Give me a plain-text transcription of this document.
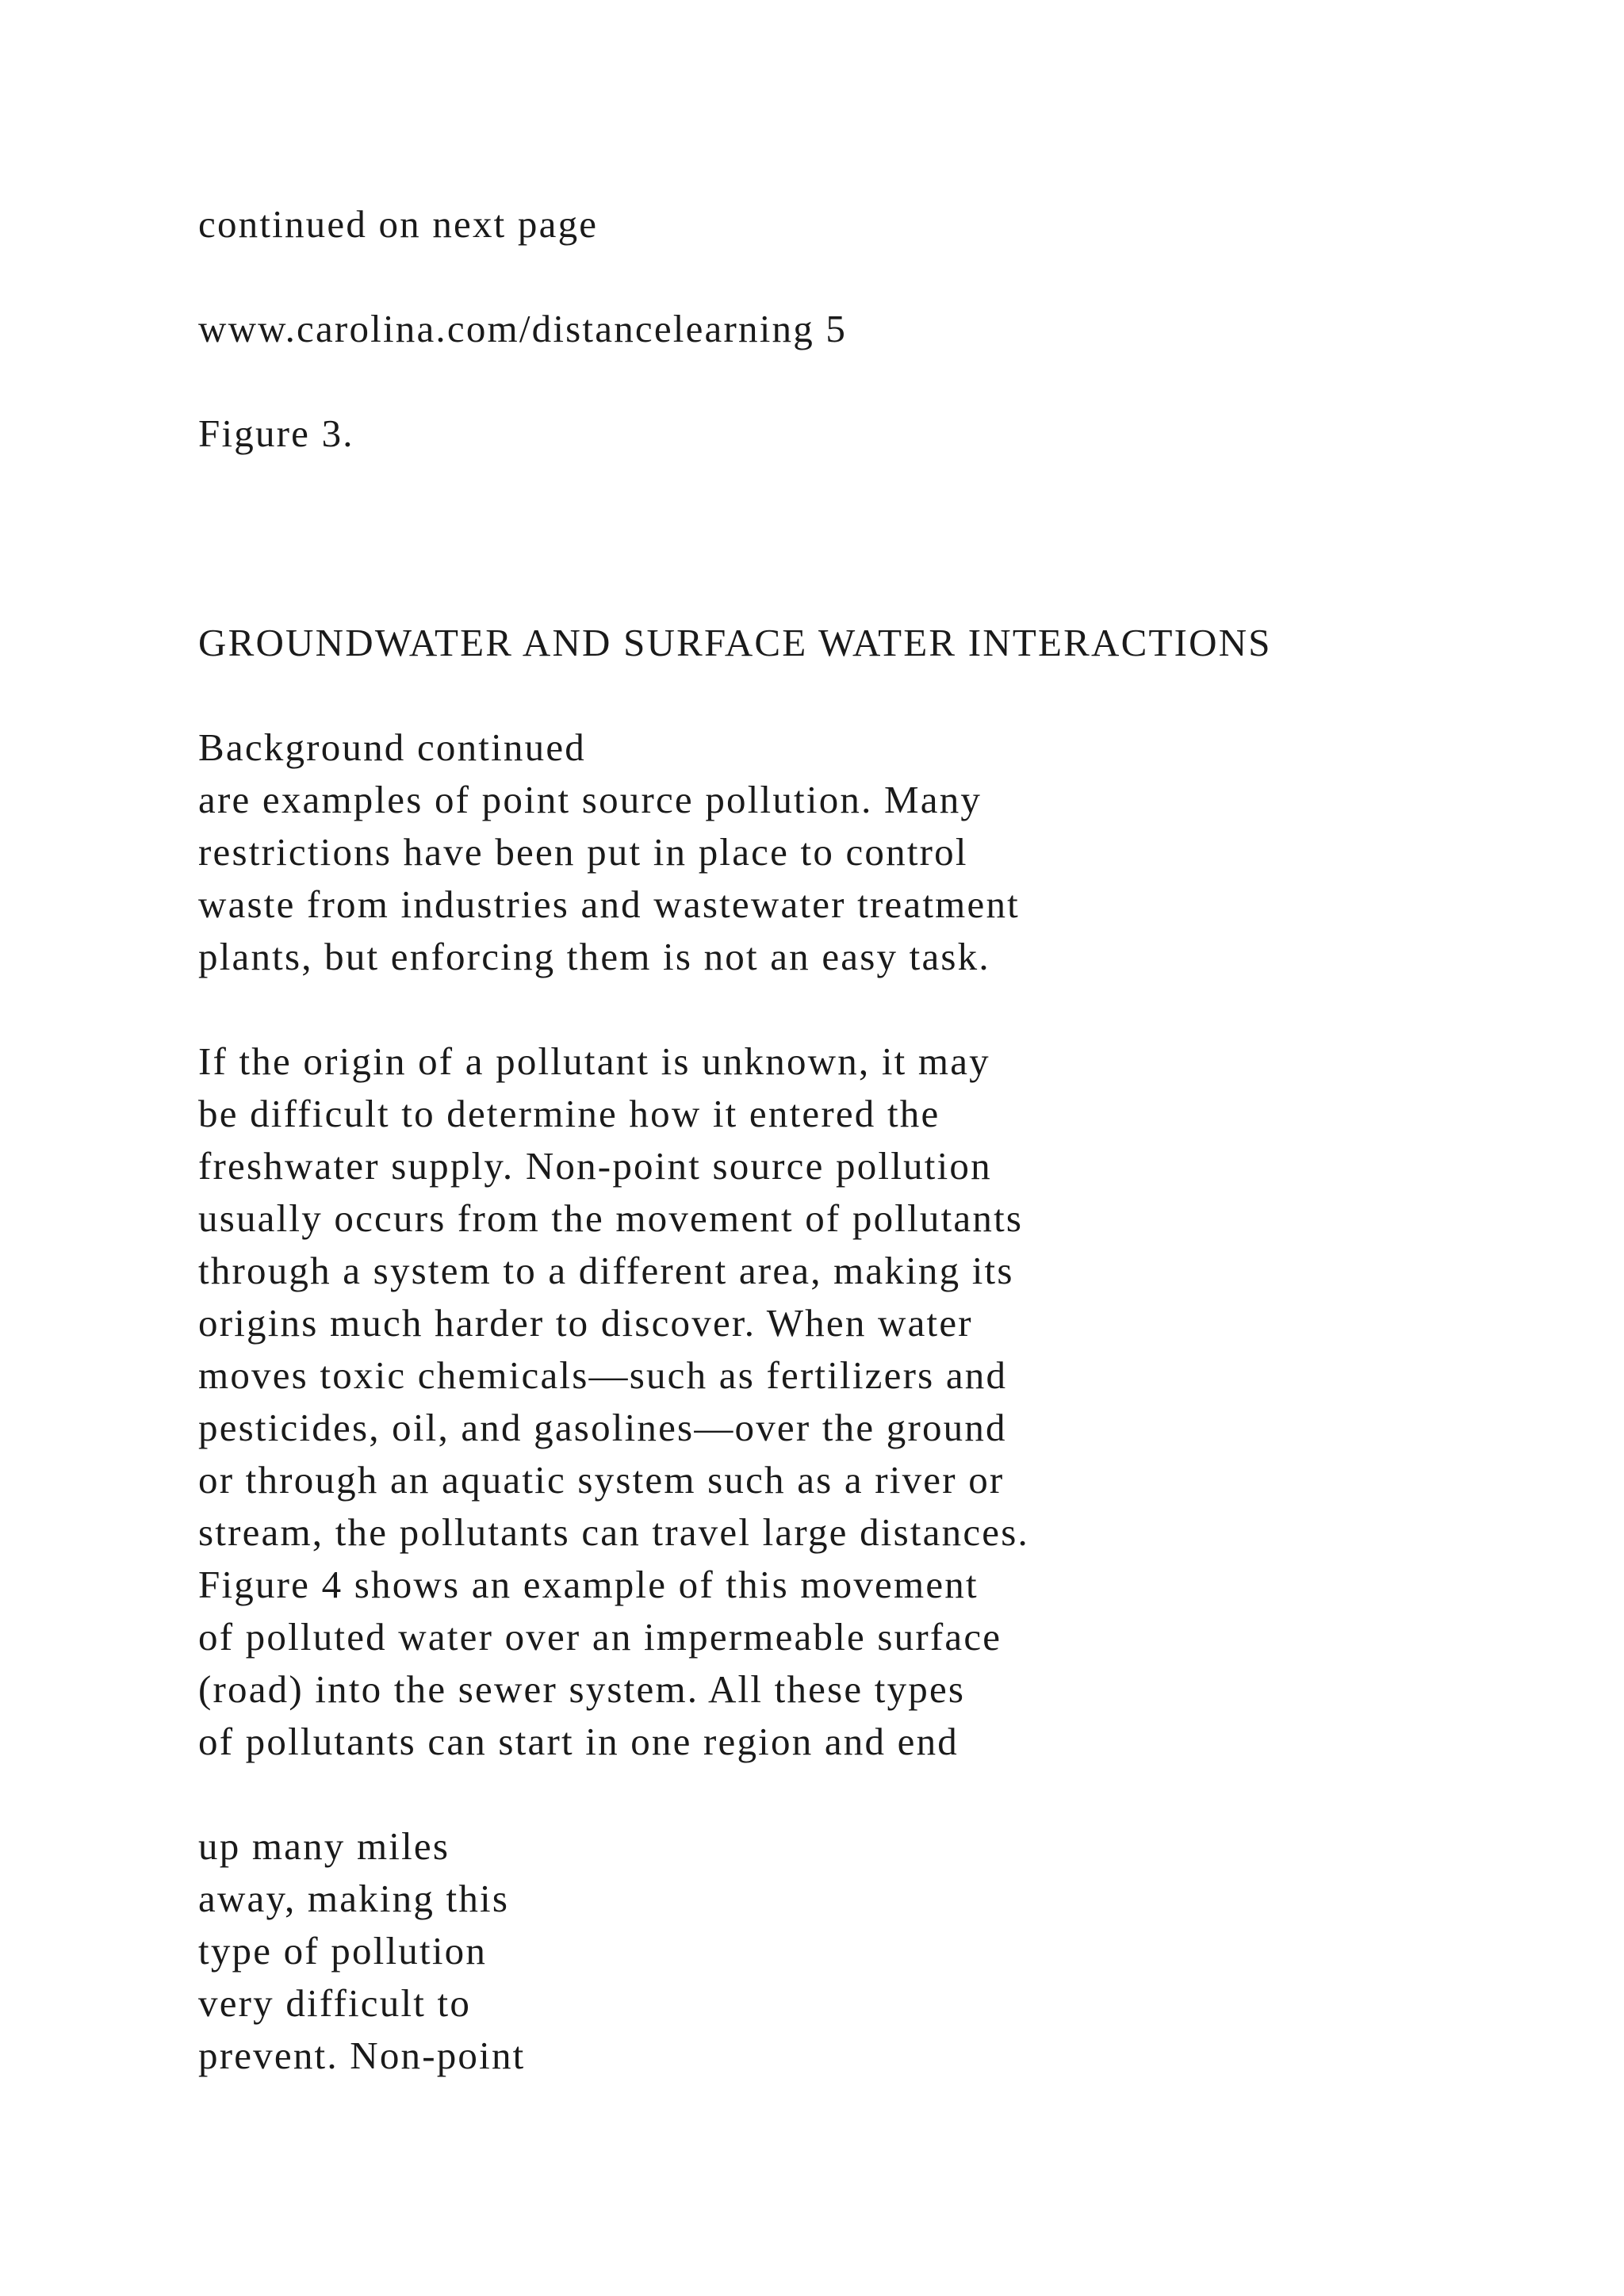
continued on next page
www.carolina.com/distancelearning 5
Figure 3.
GROUNDWATER AND SURFACE WATER INTERACTIONS
Background continued
are examples of point source pollution. Many
restrictions have been put in place to control
waste from industries and wastewater treatment
plants, but enforcing them is not an easy task.
If the origin of a pollutant is unknown, it may
be difficult to determine how it entered the
freshwater supply. Non-point source pollution
usually occurs from the movement of pollutants
through a system to a different area, making its
origins much harder to discover. When water
moves toxic chemicals—such as fertilizers and
pesticides, oil, and gasolines—over the ground
or through an aquatic system such as a river or
stream, the pollutants can travel large distances.
Figure 4 shows an example of this movement
of polluted water over an impermeable surface
(road) into the sewer system. All these types
of pollutants can start in one region and end
up many miles
away, making this
type of pollution
very difficult to
prevent. Non-point
